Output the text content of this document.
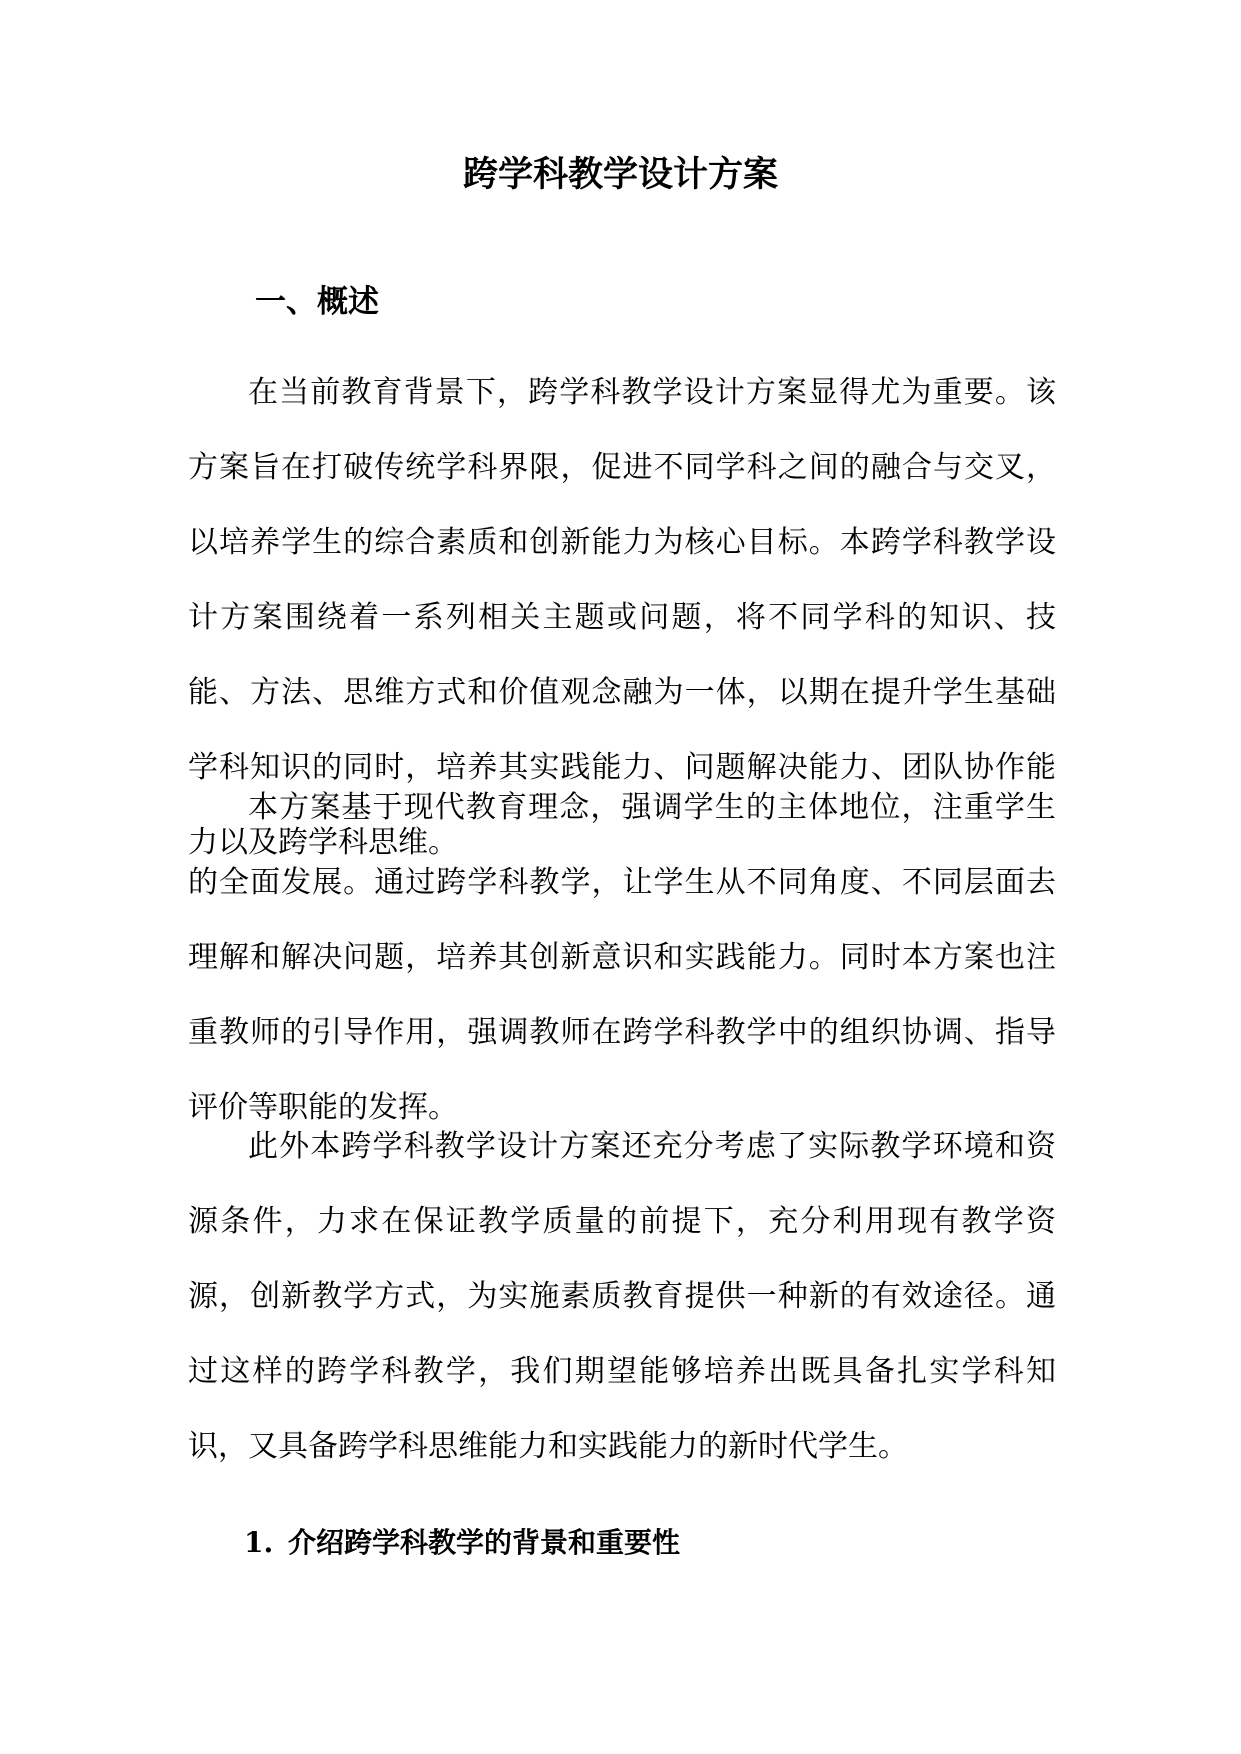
跨学科教学设计方案
一、概述

在当前教育背景下，跨学科教学设计方案显得尤为重要。该方案旨在打破传统学科界限，促进不同学科之间的融合与交叉，以培养学生的综合素质和创新能力为核心目标。本跨学科教学设计方案围绕着一系列相关主题或问题，将不同学科的知识、技能、方法、思维方式和价值观念融为一体，以期在提升学生基础学科知识的同时，培养其实践能力、问题解决能力、团队协作能力以及跨学科思维。

本方案基于现代教育理念，强调学生的主体地位，注重学生的全面发展。通过跨学科教学，让学生从不同角度、不同层面去理解和解决问题，培养其创新意识和实践能力。同时本方案也注重教师的引导作用，强调教师在跨学科教学中的组织协调、指导评价等职能的发挥。

此外本跨学科教学设计方案还充分考虑了实际教学环境和资源条件，力求在保证教学质量的前提下，充分利用现有教学资源，创新教学方式，为实施素质教育提供一种新的有效途径。通过这样的跨学科教学，我们期望能够培养出既具备扎实学科知识，又具备跨学科思维能力和实践能力的新时代学生。

1. 介绍跨学科教学的背景和重要性
